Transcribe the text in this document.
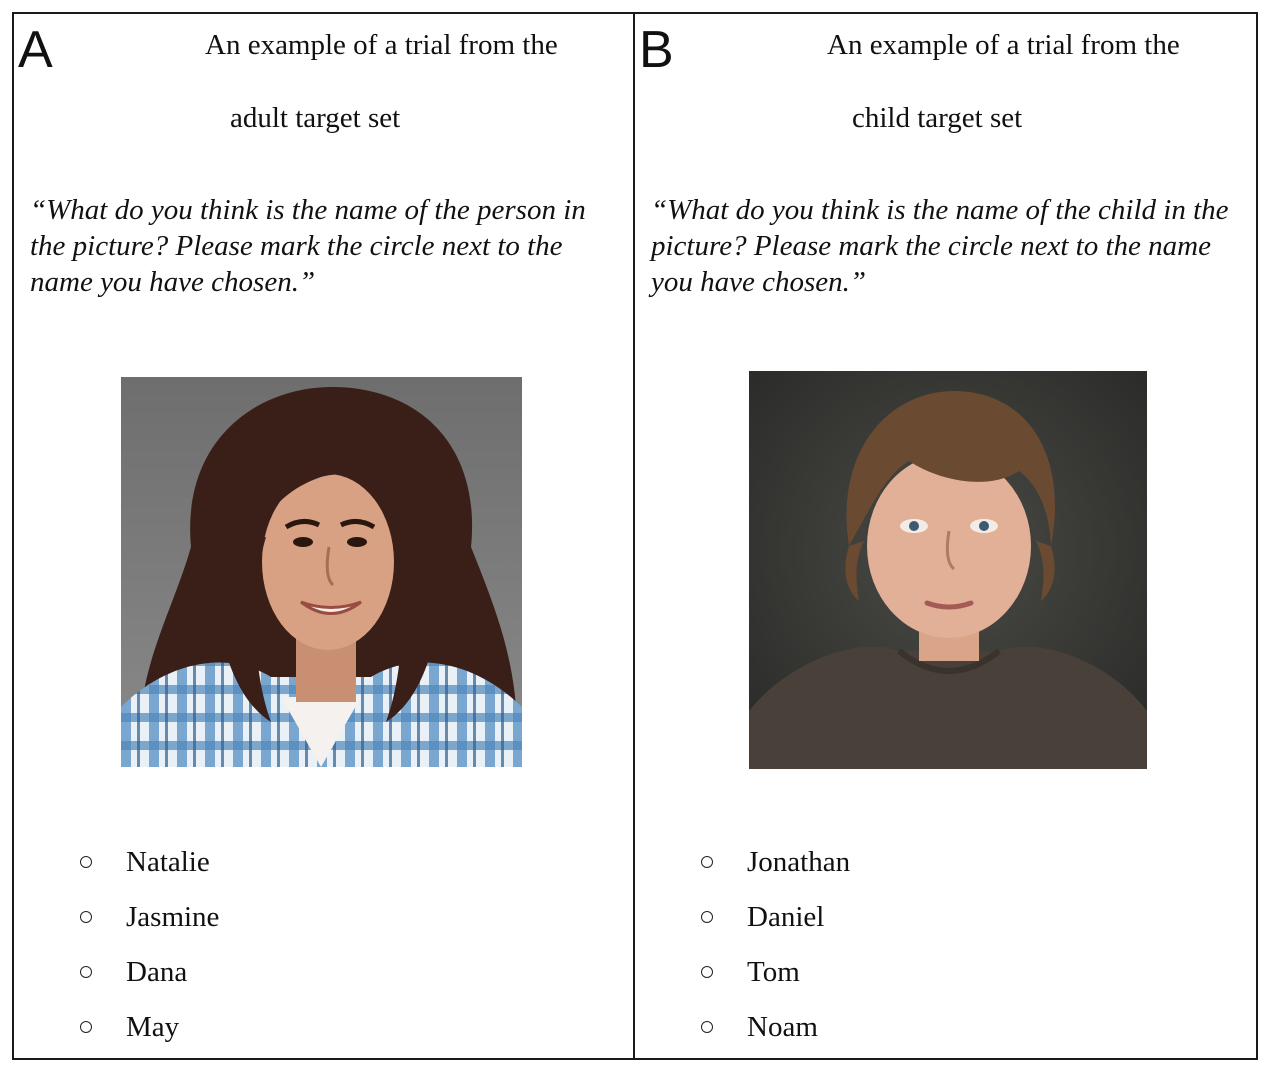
A	An example of a trial from the
adult target set
“What do you think is the name of the person in the picture? Please mark the circle next to the name you have chosen.”
Natalie
Jasmine
Dana
May
B	An example of a trial from the
child target set
“What do you think is the name of the child in the picture? Please mark the circle next to the name you have chosen.”
Jonathan
Daniel
Tom
Noam
